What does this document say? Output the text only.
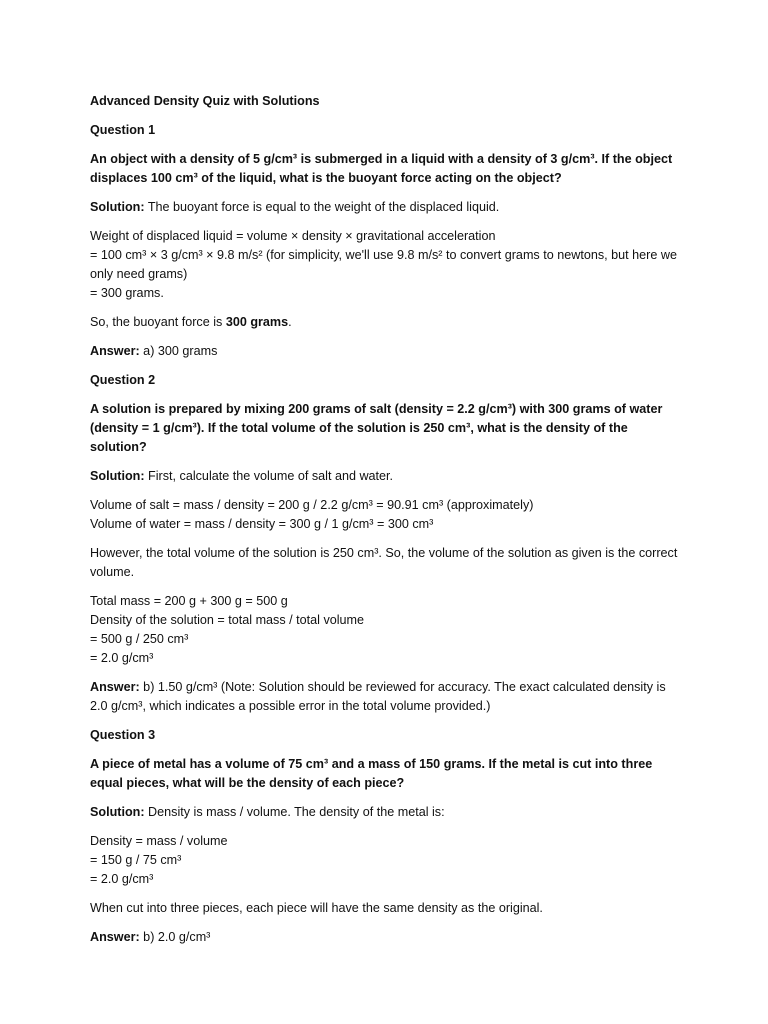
Advanced Density Quiz with Solutions

Question 1

An object with a density of 5 g/cm³ is submerged in a liquid with a density of 3 g/cm³. If the object displaces 100 cm³ of the liquid, what is the buoyant force acting on the object?

Solution: The buoyant force is equal to the weight of the displaced liquid.

Weight of displaced liquid = volume × density × gravitational acceleration
= 100 cm³ × 3 g/cm³ × 9.8 m/s² (for simplicity, we'll use 9.8 m/s² to convert grams to newtons, but here we only need grams)
= 300 grams.

So, the buoyant force is 300 grams.

Answer: a) 300 grams

Question 2

A solution is prepared by mixing 200 grams of salt (density = 2.2 g/cm³) with 300 grams of water (density = 1 g/cm³). If the total volume of the solution is 250 cm³, what is the density of the solution?

Solution: First, calculate the volume of salt and water.

Volume of salt = mass / density = 200 g / 2.2 g/cm³ = 90.91 cm³ (approximately)
Volume of water = mass / density = 300 g / 1 g/cm³ = 300 cm³

However, the total volume of the solution is 250 cm³. So, the volume of the solution as given is the correct volume.

Total mass = 200 g + 300 g = 500 g
Density of the solution = total mass / total volume
= 500 g / 250 cm³
= 2.0 g/cm³

Answer: b) 1.50 g/cm³ (Note: Solution should be reviewed for accuracy. The exact calculated density is 2.0 g/cm³, which indicates a possible error in the total volume provided.)

Question 3

A piece of metal has a volume of 75 cm³ and a mass of 150 grams. If the metal is cut into three equal pieces, what will be the density of each piece?

Solution: Density is mass / volume. The density of the metal is:

Density = mass / volume
= 150 g / 75 cm³
= 2.0 g/cm³

When cut into three pieces, each piece will have the same density as the original.

Answer: b) 2.0 g/cm³
